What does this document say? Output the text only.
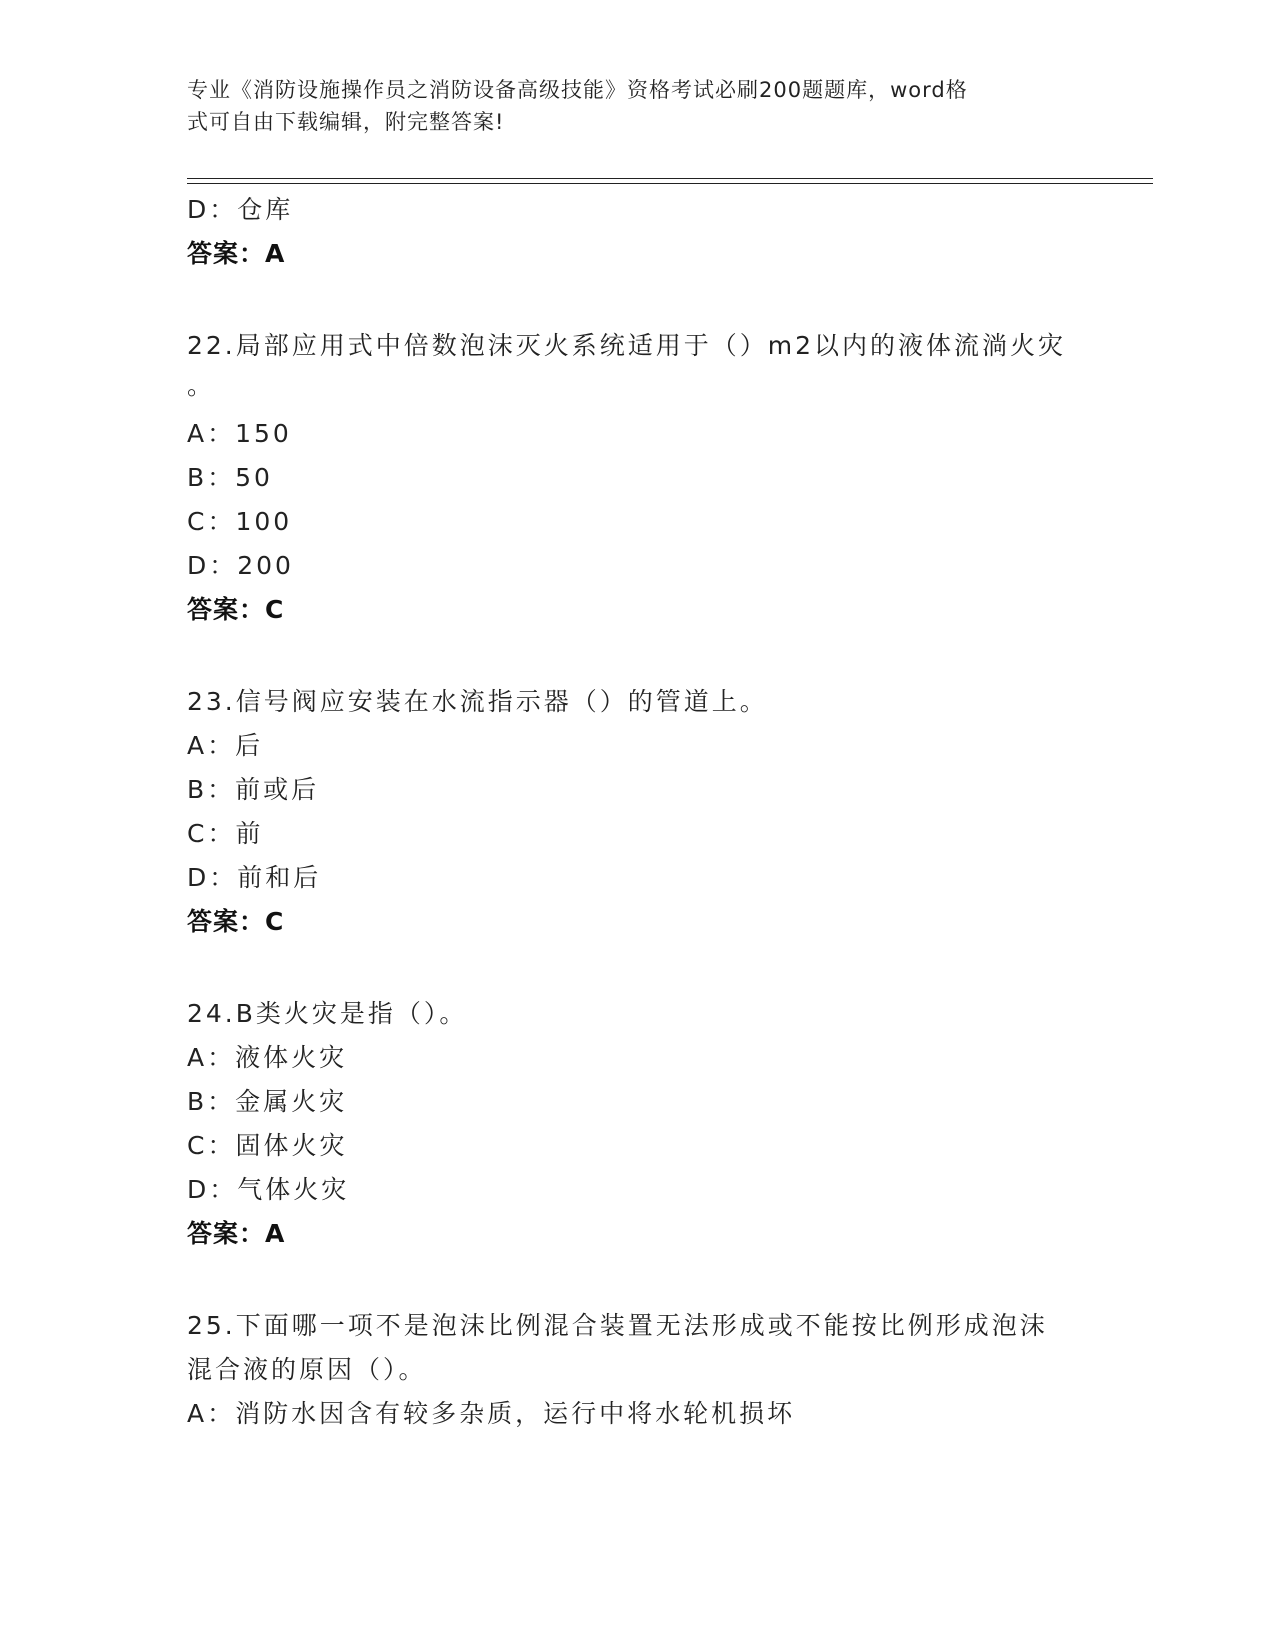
专业《消防设施操作员之消防设备高级技能》资格考试必刷200题题库，word格
式可自由下载编辑，附完整答案!
D：仓库
答案：A
22.局部应用式中倍数泡沫灭火系统适用于（）m2以内的液体流淌火灾
。
A：150
B：50
C：100
D：200
答案：C
23.信号阀应安装在水流指示器（）的管道上。
A：后
B：前或后
C：前
D：前和后
答案：C
24.B类火灾是指（）。
A：液体火灾
B：金属火灾
C：固体火灾
D：气体火灾
答案：A
25.下面哪一项不是泡沫比例混合装置无法形成或不能按比例形成泡沫
混合液的原因（）。
A：消防水因含有较多杂质，运行中将水轮机损坏
